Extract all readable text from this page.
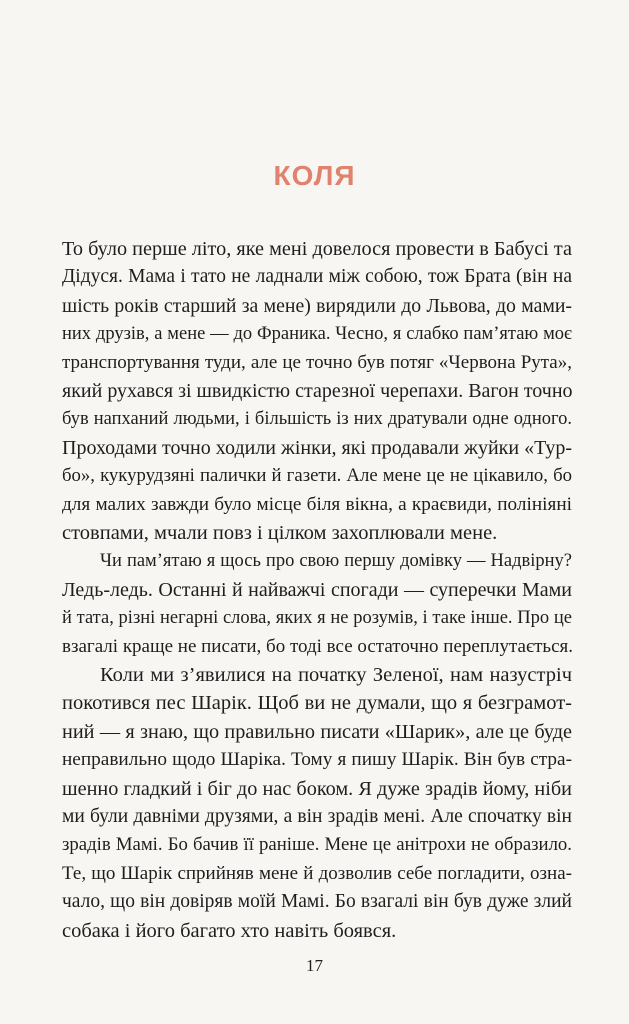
КОЛЯ
То було перше літо, яке мені довелося провести в Бабусі та
Дідуся. Мама і тато не ладнали між собою, тож Брата (він на
шість років старший за мене) вирядили до Львова, до мами-
них друзів, а мене — до Франика. Чесно, я слабко пам’ятаю моє
транспортування туди, але це точно був потяг «Червона Рута»,
який рухався зі швидкістю старезної черепахи. Вагон точно
був напханий людьми, і більшість із них дратували одне одного.
Проходами точно ходили жінки, які продавали жуйки «Тур-
бо», кукурудзяні палички й газети. Але мене це не цікавило, бо
для малих завжди було місце біля вікна, а краєвиди, полініяні
стовпами, мчали повз і цілком захоплювали мене.
Чи пам’ятаю я щось про свою першу домівку — Надвірну?
Ледь-ледь. Останні й найважчі спогади — суперечки Мами
й тата, різні негарні слова, яких я не розумів, і таке інше. Про це
взагалі краще не писати, бо тоді все остаточно переплутається.
Коли ми з’явилися на початку Зеленої, нам назустріч
покотився пес Шарік. Щоб ви не думали, що я безграмот-
ний — я знаю, що правильно писати «Шарик», але це буде
неправильно щодо Шаріка. Тому я пишу Шарік. Він був стра-
шенно гладкий і біг до нас боком. Я дуже зрадів йому, ніби
ми були давніми друзями, а він зрадів мені. Але спочатку він
зрадів Мамі. Бо бачив її раніше. Мене це анітрохи не образило.
Те, що Шарік сприйняв мене й дозволив себе погладити, озна-
чало, що він довіряв моїй Мамі. Бо взагалі він був дуже злий
собака і його багато хто навіть боявся.
17
